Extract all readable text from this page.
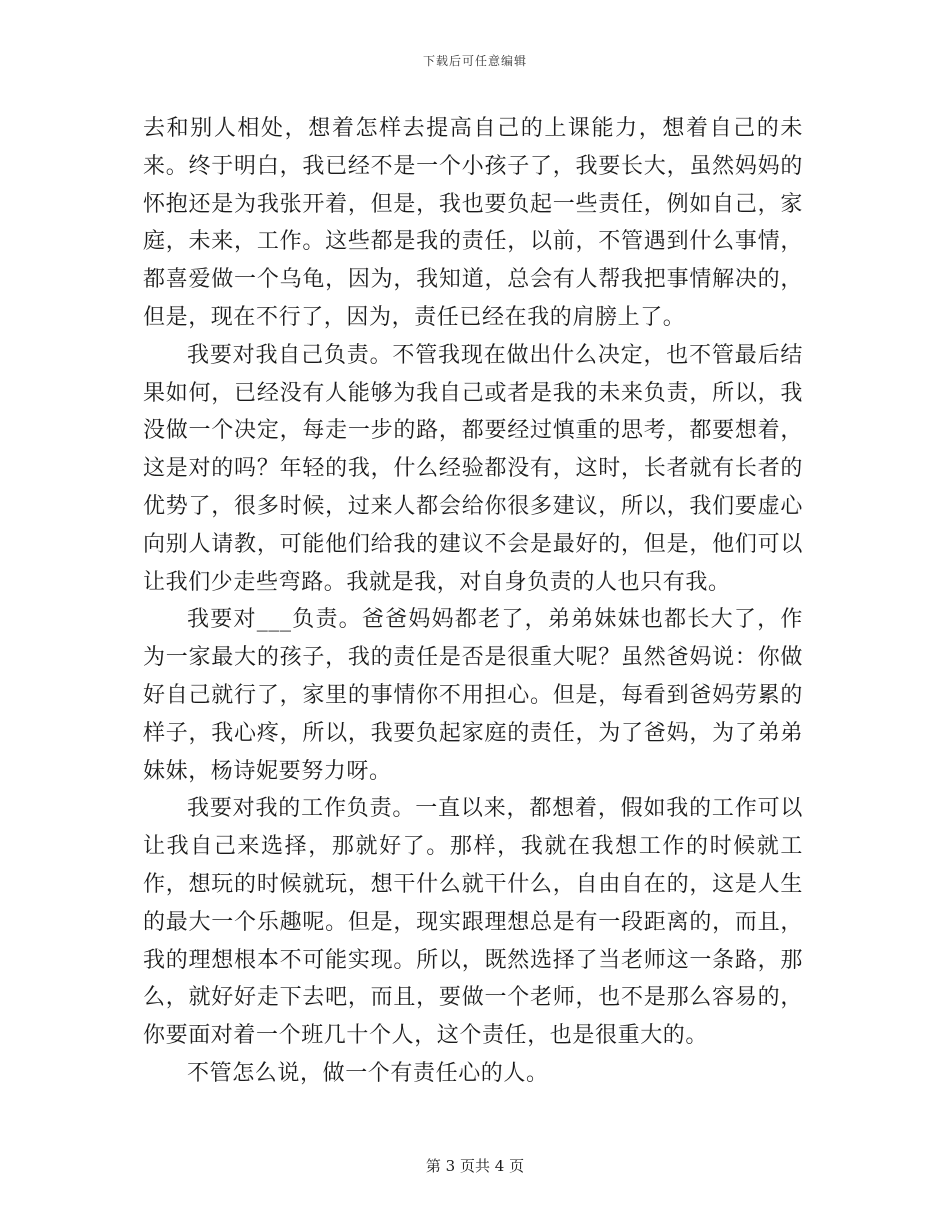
下载后可任意编辑

去和别人相处，想着怎样去提高自己的上课能力，想着自己的未来。终于明白，我已经不是一个小孩子了，我要长大，虽然妈妈的怀抱还是为我张开着，但是，我也要负起一些责任，例如自己，家庭，未来，工作。这些都是我的责任，以前，不管遇到什么事情，都喜爱做一个乌龟，因为，我知道，总会有人帮我把事情解决的，但是，现在不行了，因为，责任已经在我的肩膀上了。

我要对我自己负责。不管我现在做出什么决定，也不管最后结果如何，已经没有人能够为我自己或者是我的未来负责，所以，我没做一个决定，每走一步的路，都要经过慎重的思考，都要想着，这是对的吗？年轻的我，什么经验都没有，这时，长者就有长者的优势了，很多时候，过来人都会给你很多建议，所以，我们要虚心向别人请教，可能他们给我的建议不会是最好的，但是，他们可以让我们少走些弯路。我就是我，对自身负责的人也只有我。

我要对___负责。爸爸妈妈都老了，弟弟妹妹也都长大了，作为一家最大的孩子，我的责任是否是很重大呢？虽然爸妈说：你做好自己就行了，家里的事情你不用担心。但是，每看到爸妈劳累的样子，我心疼，所以，我要负起家庭的责任，为了爸妈，为了弟弟妹妹，杨诗妮要努力呀。

我要对我的工作负责。一直以来，都想着，假如我的工作可以让我自己来选择，那就好了。那样，我就在我想工作的时候就工作，想玩的时候就玩，想干什么就干什么，自由自在的，这是人生的最大一个乐趣呢。但是，现实跟理想总是有一段距离的，而且，我的理想根本不可能实现。所以，既然选择了当老师这一条路，那么，就好好走下去吧，而且，要做一个老师，也不是那么容易的，你要面对着一个班几十个人，这个责任，也是很重大的。

不管怎么说，做一个有责任心的人。

第 3 页共 4 页
